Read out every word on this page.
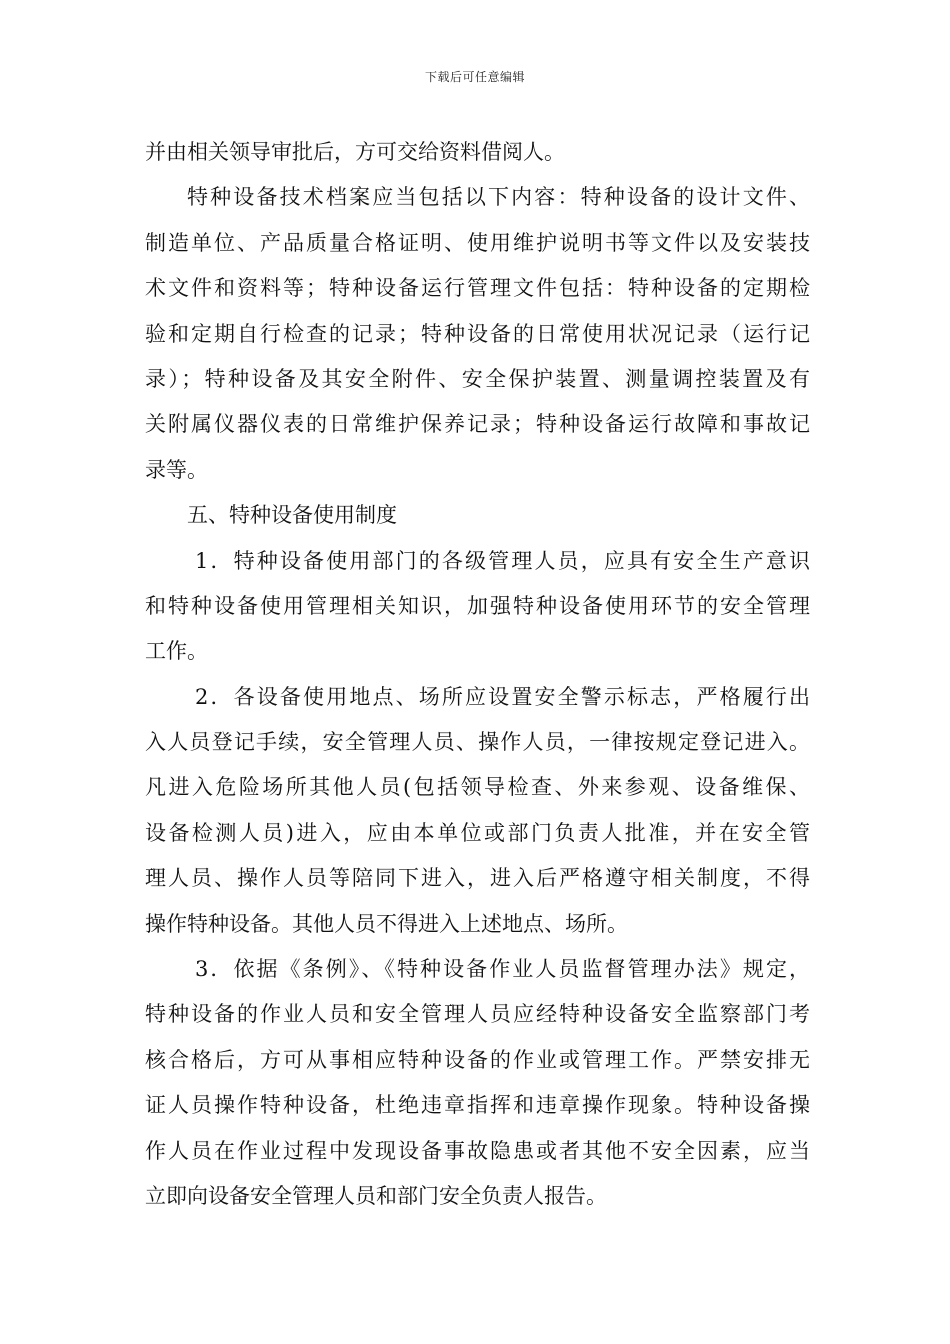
下载后可任意编辑
并由相关领导审批后，方可交给资料借阅人。
特种设备技术档案应当包括以下内容：特种设备的设计文件、
制造单位、产品质量合格证明、使用维护说明书等文件以及安装技
术文件和资料等；特种设备运行管理文件包括：特种设备的定期检
验和定期自行检查的记录；特种设备的日常使用状况记录（运行记
录）；特种设备及其安全附件、安全保护装置、测量调控装置及有
关附属仪器仪表的日常维护保养记录；特种设备运行故障和事故记
录等。
五、特种设备使用制度
1．特种设备使用部门的各级管理人员，应具有安全生产意识
和特种设备使用管理相关知识，加强特种设备使用环节的安全管理
工作。
2．各设备使用地点、场所应设置安全警示标志，严格履行出
入人员登记手续，安全管理人员、操作人员，一律按规定登记进入。
凡进入危险场所其他人员(包括领导检查、外来参观、设备维保、
设备检测人员)进入，应由本单位或部门负责人批准，并在安全管
理人员、操作人员等陪同下进入，进入后严格遵守相关制度，不得
操作特种设备。其他人员不得进入上述地点、场所。
3．依据《条例》、《特种设备作业人员监督管理办法》规定，
特种设备的作业人员和安全管理人员应经特种设备安全监察部门考
核合格后，方可从事相应特种设备的作业或管理工作。严禁安排无
证人员操作特种设备，杜绝违章指挥和违章操作现象。特种设备操
作人员在作业过程中发现设备事故隐患或者其他不安全因素，应当
立即向设备安全管理人员和部门安全负责人报告。
